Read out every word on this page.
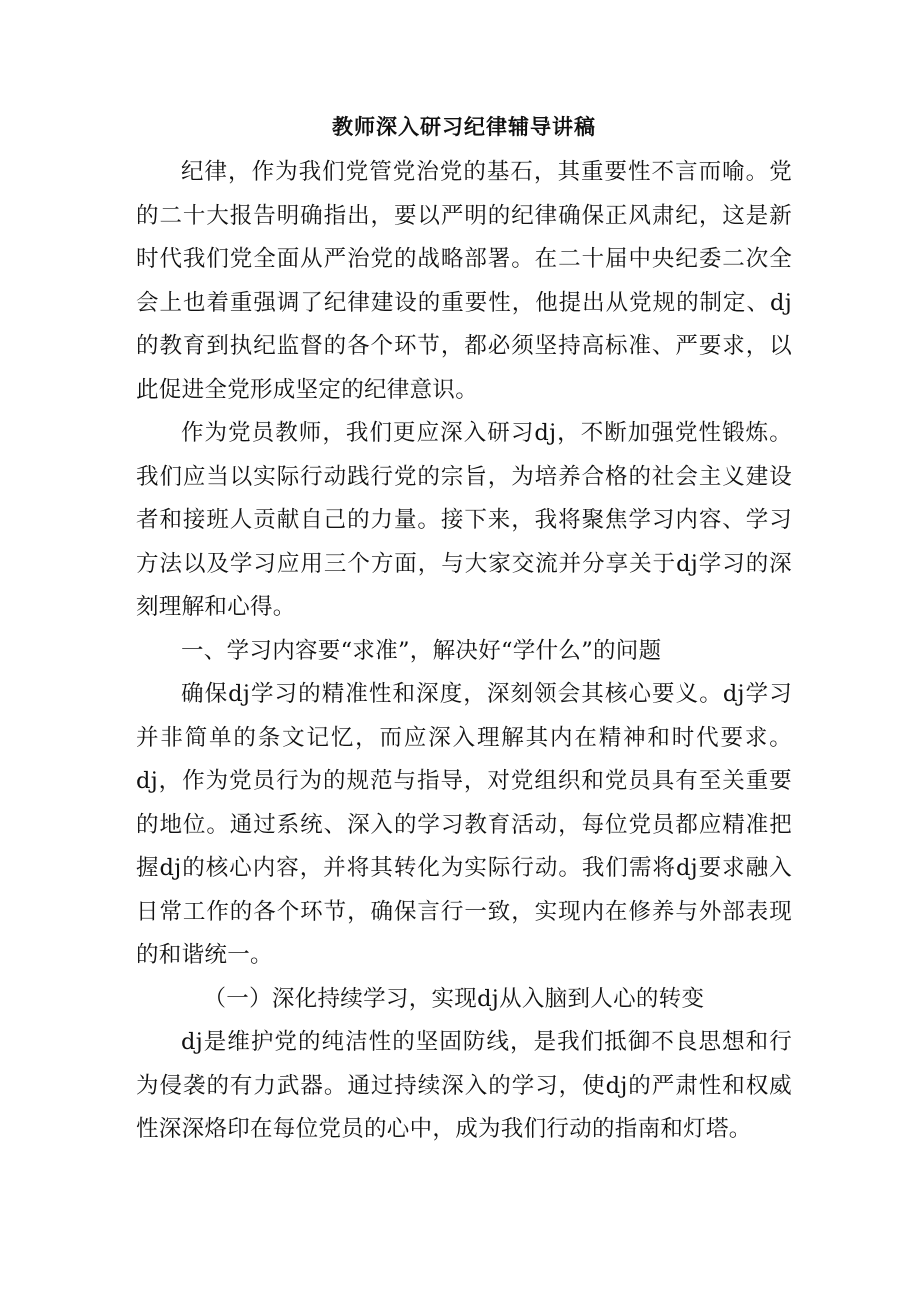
教师深入研习纪律辅导讲稿

纪律，作为我们党管党治党的基石，其重要性不言而喻。党的二十大报告明确指出，要以严明的纪律确保正风肃纪，这是新时代我们党全面从严治党的战略部署。在二十届中央纪委二次全会上也着重强调了纪律建设的重要性，他提出从党规的制定、dj的教育到执纪监督的各个环节，都必须坚持高标准、严要求，以此促进全党形成坚定的纪律意识。

作为党员教师，我们更应深入研习dj，不断加强党性锻炼。我们应当以实际行动践行党的宗旨，为培养合格的社会主义建设者和接班人贡献自己的力量。接下来，我将聚焦学习内容、学习方法以及学习应用三个方面，与大家交流并分享关于dj学习的深刻理解和心得。

一、学习内容要“求准”，解决好“学什么”的问题

确保dj学习的精准性和深度，深刻领会其核心要义。dj学习并非简单的条文记忆，而应深入理解其内在精神和时代要求。dj，作为党员行为的规范与指导，对党组织和党员具有至关重要的地位。通过系统、深入的学习教育活动，每位党员都应精准把握dj的核心内容，并将其转化为实际行动。我们需将dj要求融入日常工作的各个环节，确保言行一致，实现内在修养与外部表现的和谐统一。

（一）深化持续学习，实现dj从入脑到人心的转变

dj是维护党的纯洁性的坚固防线，是我们抵御不良思想和行为侵袭的有力武器。通过持续深入的学习，使dj的严肃性和权威性深深烙印在每位党员的心中，成为我们行动的指南和灯塔。
